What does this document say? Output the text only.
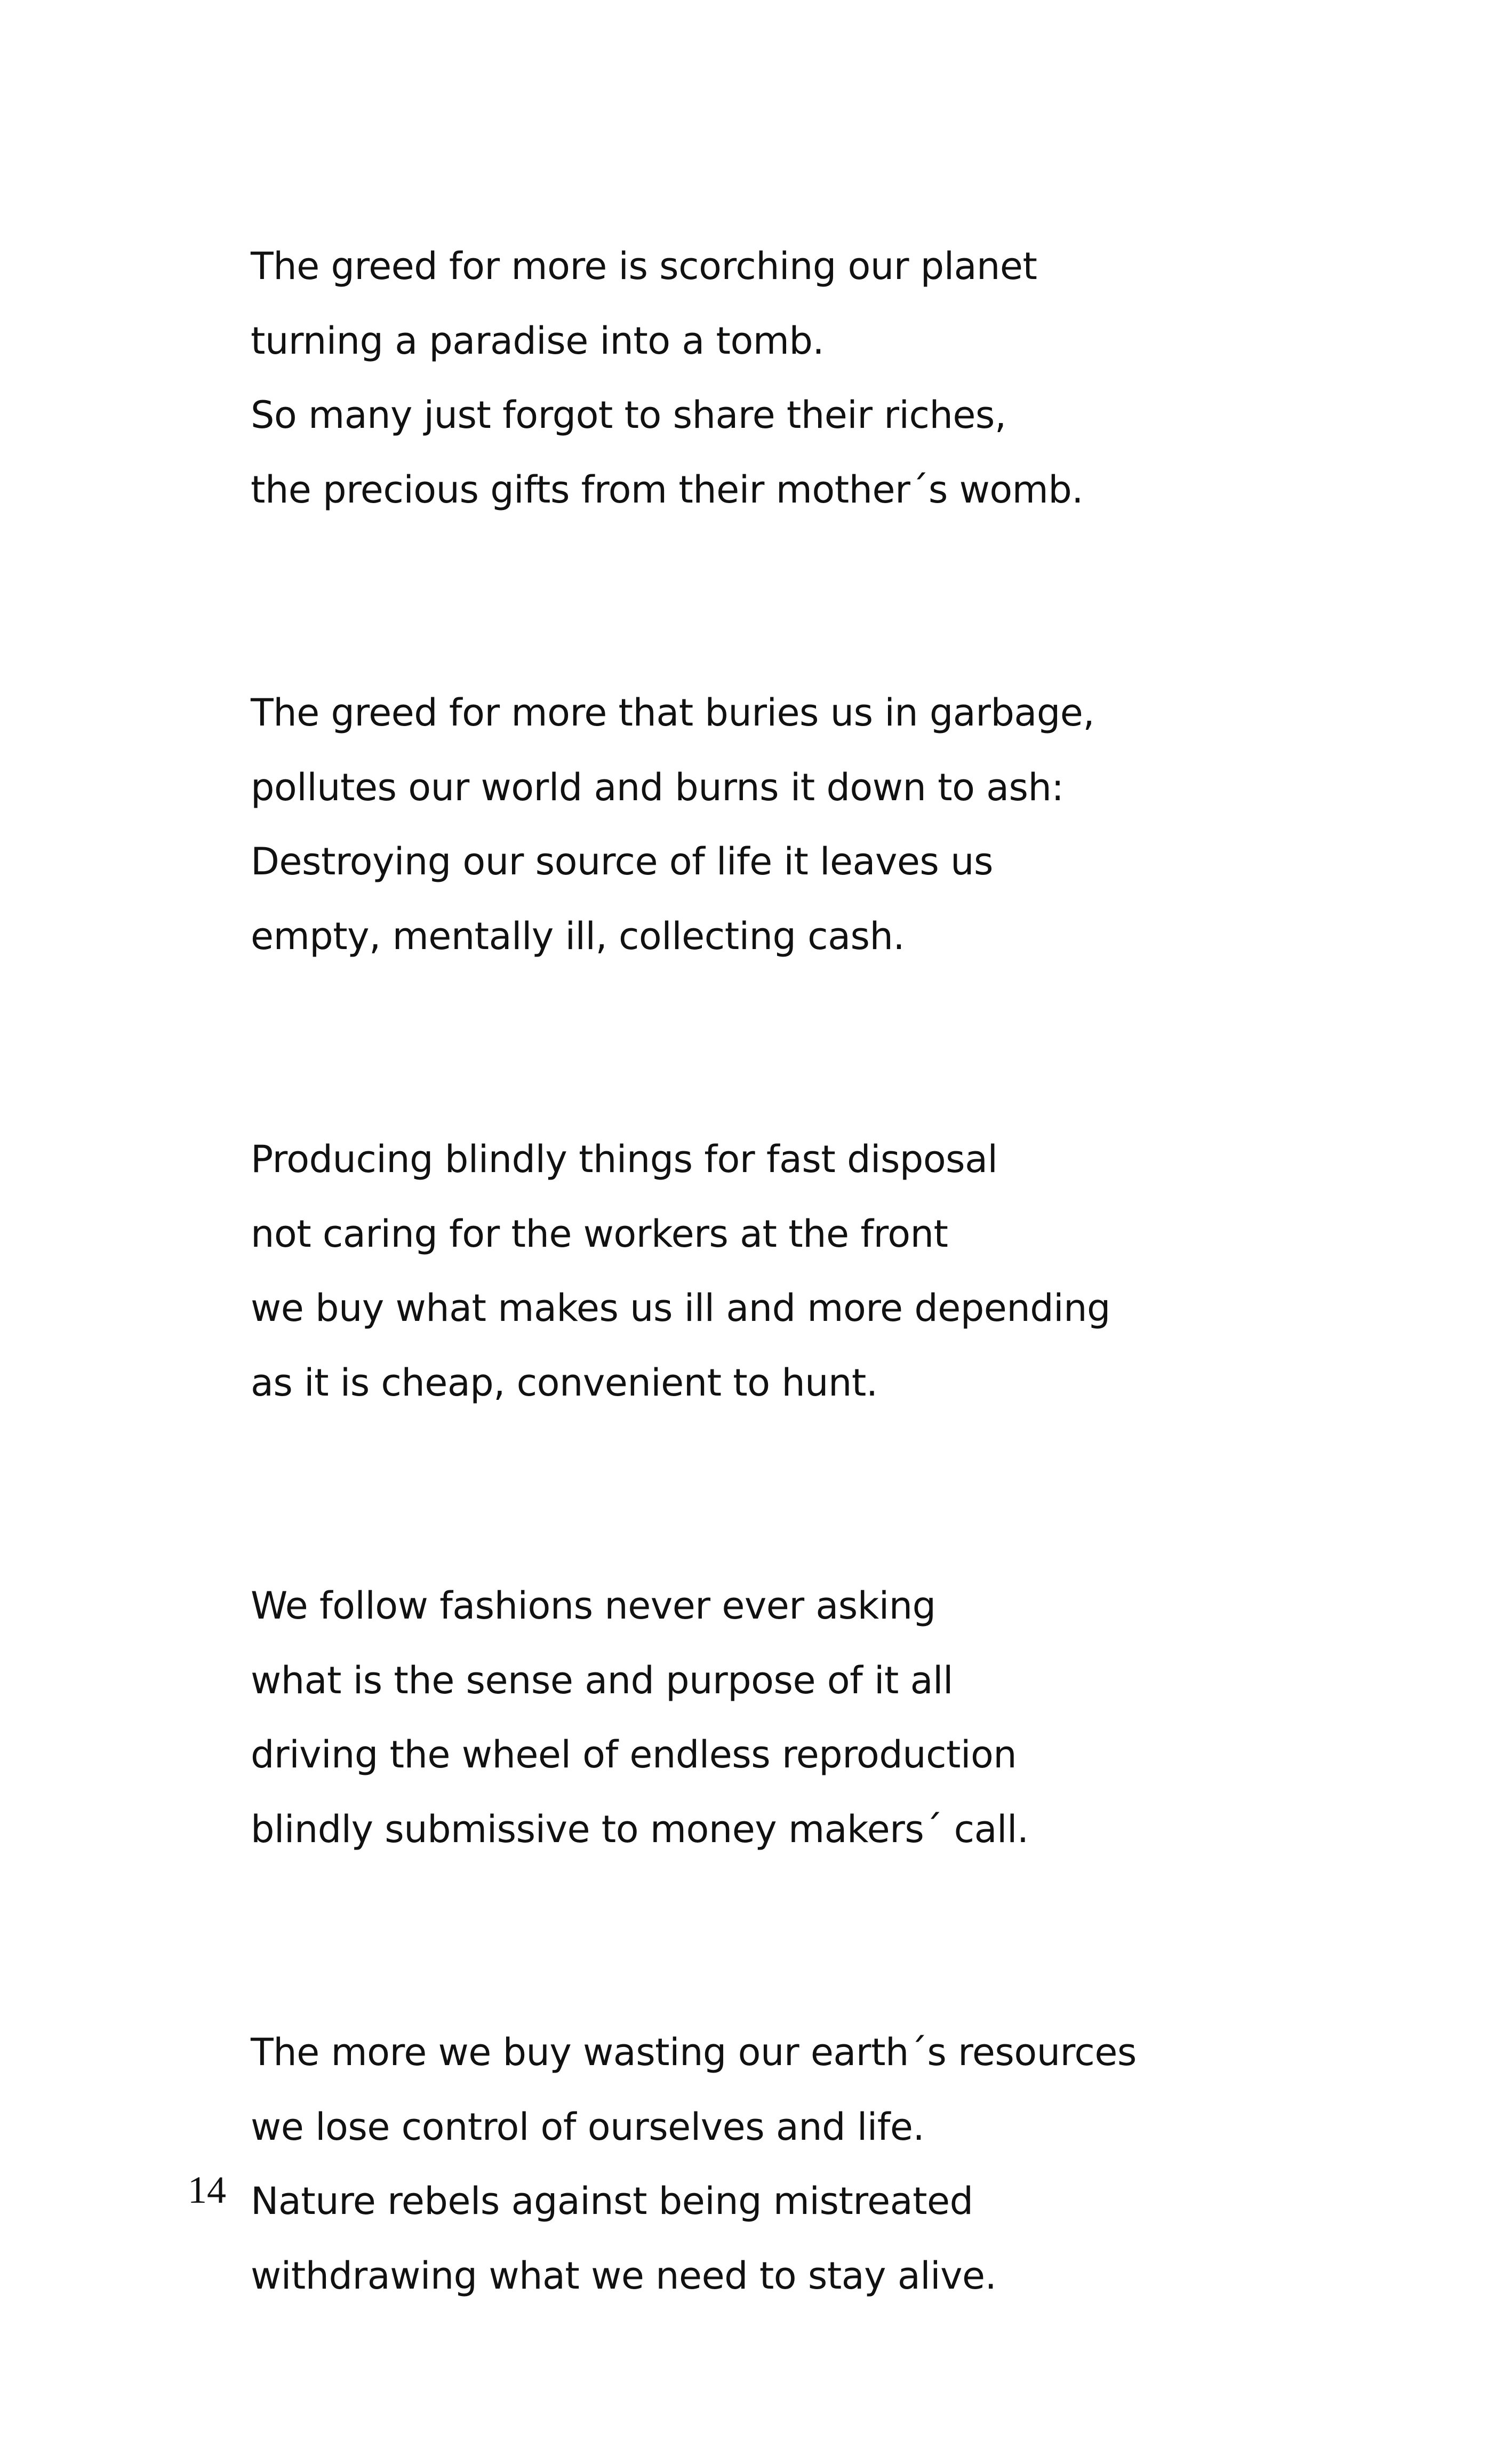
The greed for more is scorching our planet
turning a paradise into a tomb.
So many just forgot to share their riches,
the precious gifts from their mother´s womb.
The greed for more that buries us in garbage,
pollutes our world and burns it down to ash:
Destroying our source of life it leaves us
empty, mentally ill, collecting cash.
Producing blindly things for fast disposal
not caring for the workers at the front
we buy what makes us ill and more depending
as it is cheap, convenient to hunt.
We follow fashions never ever asking
what is the sense and purpose of it all
driving the wheel of endless reproduction
blindly submissive to money makers´ call.
The more we buy wasting our earth´s resources
we lose control of ourselves and life.
Nature rebels against being mistreated
withdrawing what we need to stay alive.
14
